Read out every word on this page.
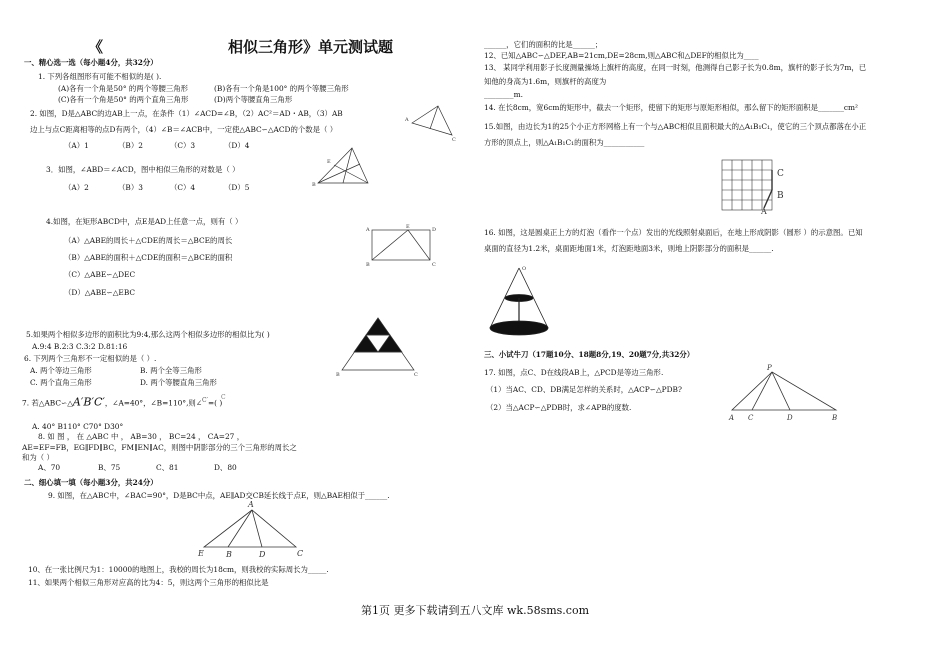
《	相似三角形》单元测试题
一、精心选一选（每小题4分，共32分）
1. 下列各组图形有可能不相似的是( ).
(A)各有一个角是50° 的两个等腰三角形	(B)各有一个角是100° 的两个等腰三角形
(C)各有一个角是50° 的两个直角三角形	(D)两个等腰直角三角形
2. 如图，D是△ABC的边AB上一点，在条件（1）∠ACD=∠B，（2）AC²＝AD・AB，（3）AB
边上与点C距离相等的点D有两个，（4）∠B＝∠ACB中，一定使△ABC∽△ACD的个数是（ ）
（A）1	（B）2	（C）3	（D）4
3．如图，∠ABD＝∠ACD，图中相似三角形的对数是（ ）
（A）2	（B）3	（C）4	（D）5
4.如图，在矩形ABCD中，点E是AD上任意一点，则有（ ）
（A）△ABE的周长＋△CDE的周长＝△BCE的周长
（B）△ABE的面积＋△CDE的面积＝△BCE的面积
（C）△ABE∽△DEC
（D）△ABE∽△EBC
5.如果两个相似多边形的面积比为9:4,那么这两个相似多边形的相似比为( )
A.9:4 B.2:3 C.3:2 D.81:16
6. 下列两个三角形不一定相似的是（ ）.
A. 两个等边三角形	B. 两个全等三角形
C. 两个直角三角形	D. 两个等腰直角三角形
7. 若△ABC∽△A′B′C′，∠A=40°，∠B=110°,则∠$^{C'}$=( )
A. 40° B110° C70° D30°
8. 如 图 ， 在 △ABC 中 ， AB=30 ， BC=24 ， CA=27 ，
AE=EF=FB，EG∥FD∥BC，FM∥EN∥AC，则图中阴影部分的三个三角形的周长之
和为（ ）
A、70	B、75	C、81	D、80
二、细心填一填（每小题3分，共24分）
9. 如图，在△ABC中，∠BAC=90°，D是BC中点，AE∥AD交CB延长线于点E，则△BAE相似于______.
10、在一张比例尺为1：10000的地图上，我校的周长为18cm，则我校的实际周长为_____.
11、如果两个相似三角形对应高的比为4：5，则这两个三角形的相似比是
______，它们的面积的比是______；
12、已知△ABC∽△DEF,AB=21cm,DE=28cm,则△ABC和△DEF的相似比为____
13、 某同学利用影子长度测量操场上旗杆的高度，在同一时刻，他测得自己影子长为0.8m，旗杆的影子长为7m，已
知他的身高为1.6m，则旗杆的高度为
________m.
14. 在长8cm，宽6cm的矩形中，截去一个矩形，使留下的矩形与原矩形相似，那么留下的矩形面积是_______cm²
15.如图，由边长为1的25个小正方形网格上有一个与△ABC相似且面积最大的△A₁B₁C₁，使它的三个顶点都落在小正
方形的顶点上，则△A₁B₁C₁的面积为___________
16. 如图，这是圆桌正上方的灯泡（看作一个点）发出的光线照射桌面后，在地上形成阴影（圆形 ）的示意图。已知
桌面的直径为1.2米，桌面距地面1米，灯泡距地面3米，则地上阴影部分的面积是______.
三、小试牛刀（17题10分、18题8分,19、20题7分,共32分）
17. 如图，点C、D在线段AB上，△PCD是等边三角形.
（1）当AC、CD、DB满足怎样的关系时，△ACP∽△PDB?
（2）当△ACP∽△PDB时，求∠APB的度数.
A
C
B
E
A	E	D
B	C
B	C
C
A
E	B	D	C
C
B
A
O
P
A C	D	B
第1页 更多下载请到五八文库 wk.58sms.com
